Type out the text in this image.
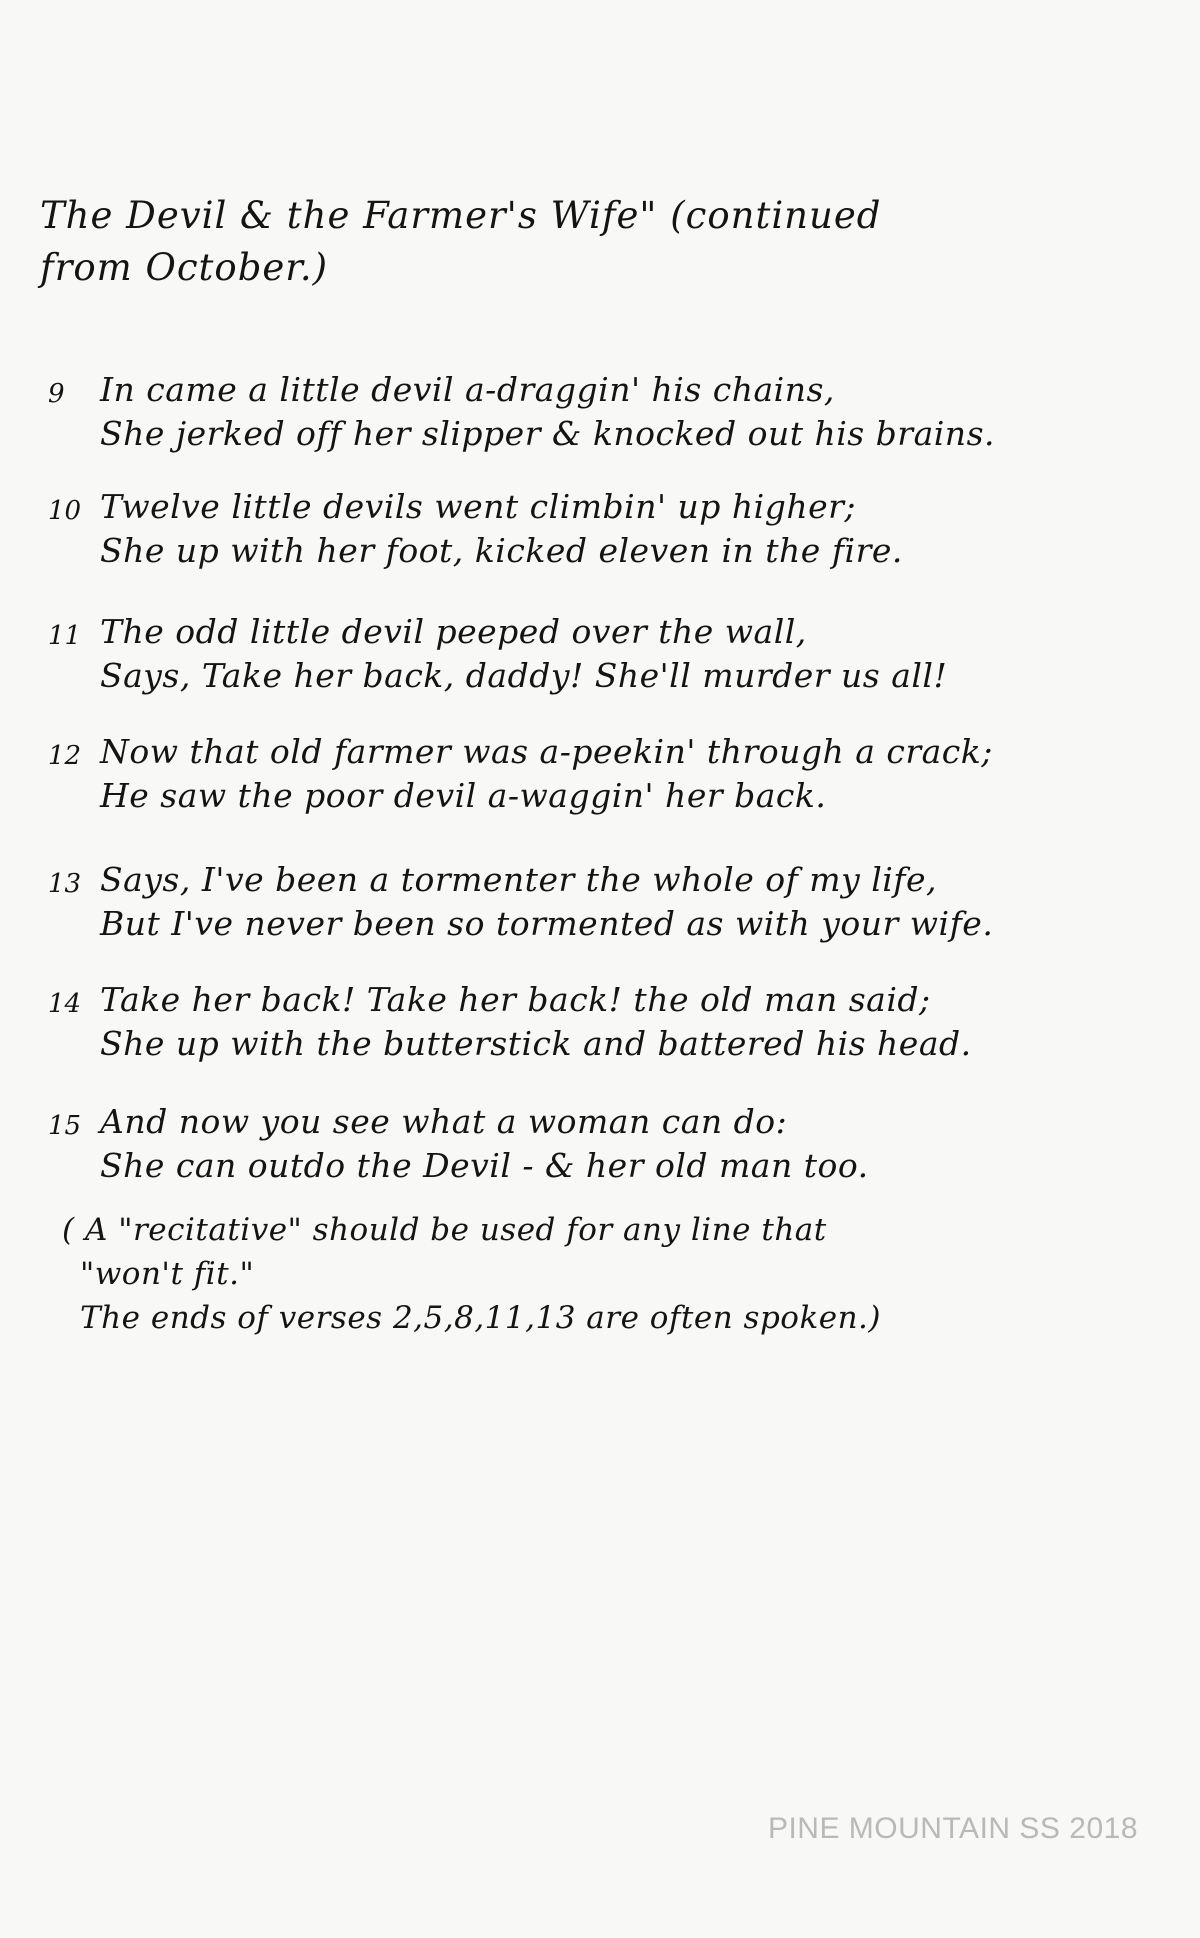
The Devil & the Farmer's Wife" (continued
from October.)
9	In came a little devil a-draggin' his chains,
She jerked off her slipper & knocked out his brains.
10 Twelve little devils went climbin' up higher;
She up with her foot, kicked eleven in the fire.
11 The odd little devil peeped over the wall,
Says, Take her back, daddy! She'll murder us all!
12 Now that old farmer was a-peekin' through a crack;
He saw the poor devil a-waggin' her back.
13 Says, I've been a tormenter the whole of my life,
But I've never been so tormented as with your wife.
14 Take her back! Take her back! the old man said;
She up with the butterstick and battered his head.
15 And now you see what a woman can do:
She can outdo the Devil - & her old man too.
( A "recitative" should be used for any line that
"won't fit."
The ends of verses 2,5,8,11,13 are often spoken.)
PINE MOUNTAIN SS 2018
